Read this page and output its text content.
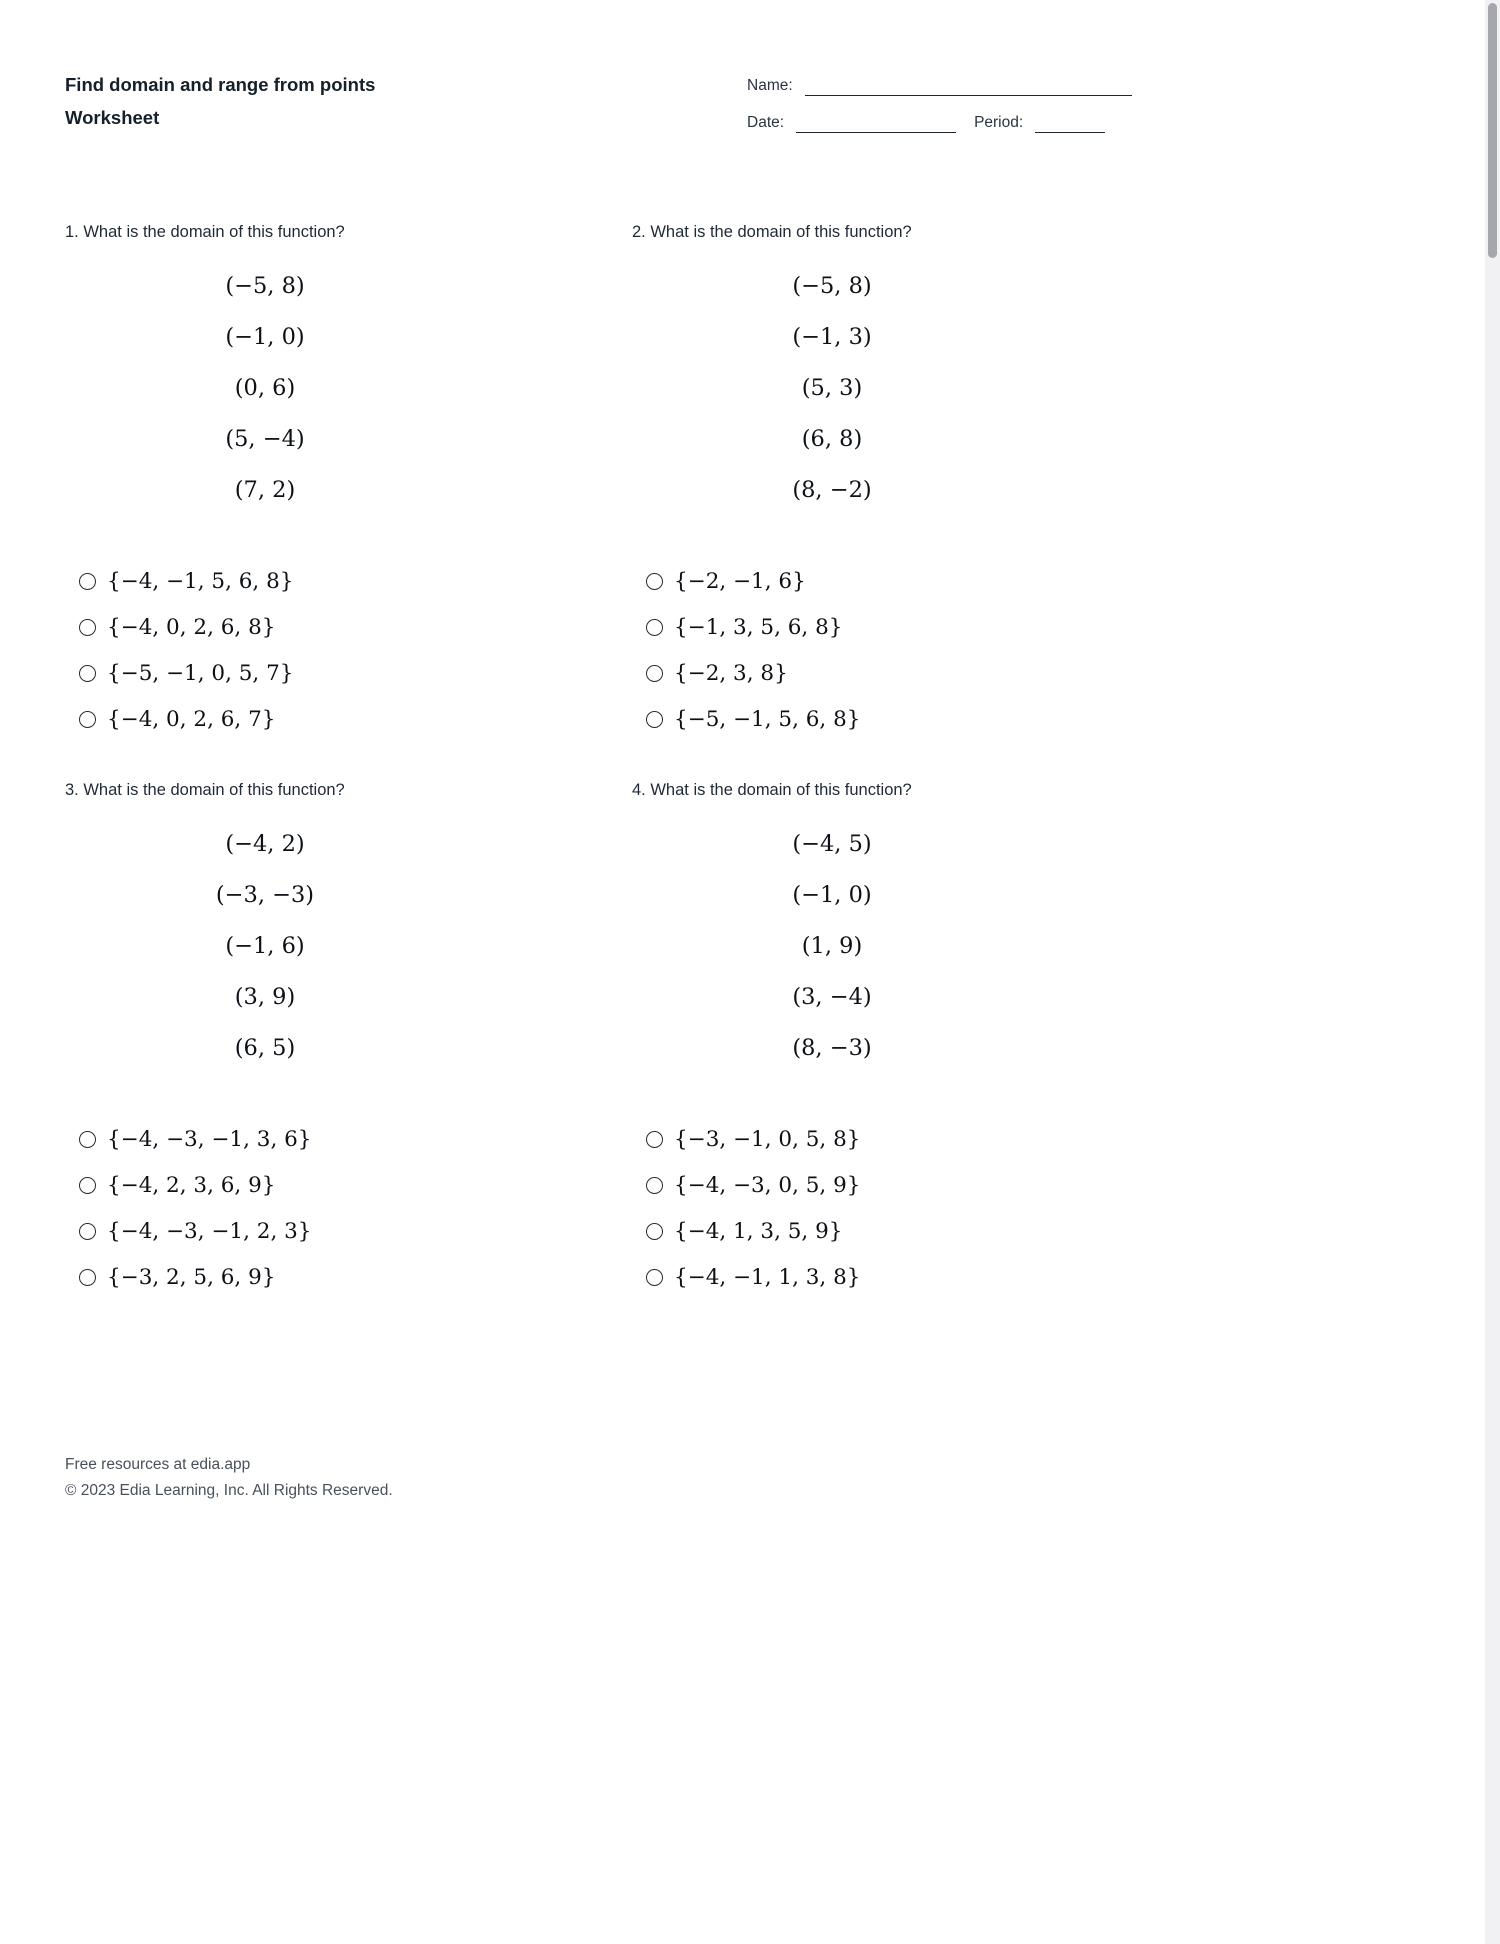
Find domain and range from points
Worksheet
Name:
Date:	Period:
1. What is the domain of this function?
(−5, 8)
(−1, 0)
(0, 6)
(5, −4)
(7, 2)
{−4, −1, 5, 6, 8}
{−4, 0, 2, 6, 8}
{−5, −1, 0, 5, 7}
{−4, 0, 2, 6, 7}
2. What is the domain of this function?
(−5, 8)
(−1, 3)
(5, 3)
(6, 8)
(8, −2)
{−2, −1, 6}
{−1, 3, 5, 6, 8}
{−2, 3, 8}
{−5, −1, 5, 6, 8}
3. What is the domain of this function?
(−4, 2)
(−3, −3)
(−1, 6)
(3, 9)
(6, 5)
{−4, −3, −1, 3, 6}
{−4, 2, 3, 6, 9}
{−4, −3, −1, 2, 3}
{−3, 2, 5, 6, 9}
4. What is the domain of this function?
(−4, 5)
(−1, 0)
(1, 9)
(3, −4)
(8, −3)
{−3, −1, 0, 5, 8}
{−4, −3, 0, 5, 9}
{−4, 1, 3, 5, 9}
{−4, −1, 1, 3, 8}
Free resources at edia.app
© 2023 Edia Learning, Inc. All Rights Reserved.
